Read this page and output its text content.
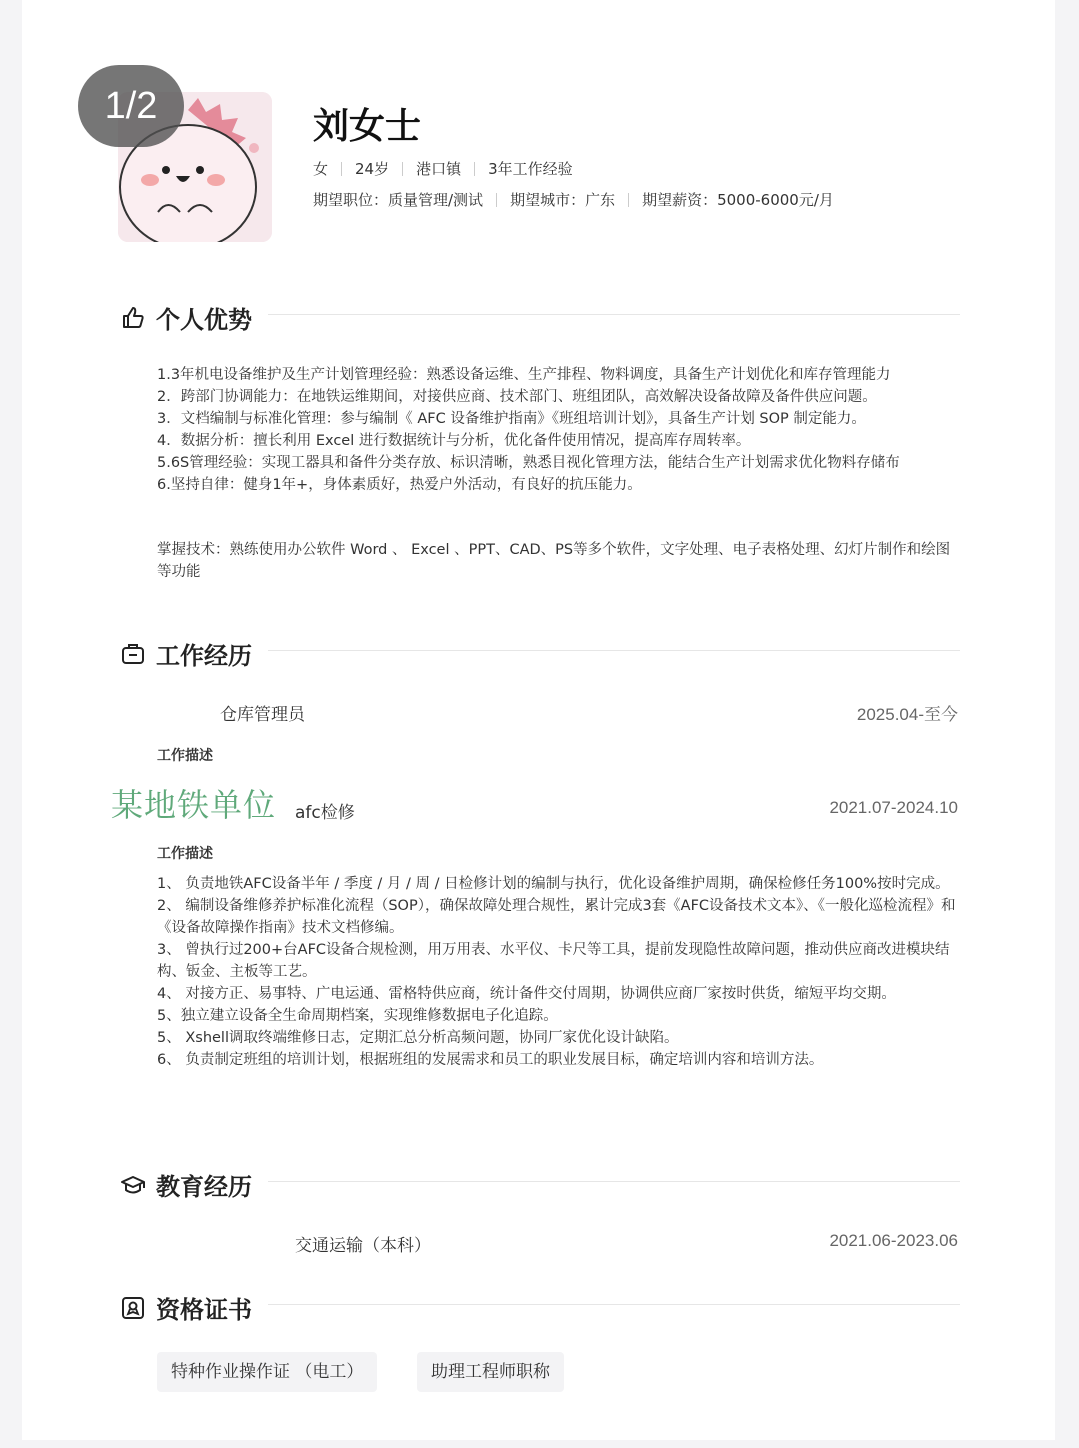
1/2	刘女士
女 24岁 港口镇 3年工作经验
期望职位：质量管理/测试 期望城市：广东 期望薪资：5000-6000元/月
个人优势
1.3年机电设备维护及生产计划管理经验：熟悉设备运维、生产排程、物料调度，具备生产计划优化和库存管理能力
2．跨部门协调能力：在地铁运维期间，对接供应商、技术部门、班组团队，高效解决设备故障及备件供应问题。
3．文档编制与标准化管理：参与编制《 AFC 设备维护指南》《班组培训计划》，具备生产计划 SOP 制定能力。
4．数据分析：擅长利用 Excel 进行数据统计与分析，优化备件使用情况，提高库存周转率。
5.6S管理经验：实现工器具和备件分类存放、标识清晰，熟悉目视化管理方法，能结合生产计划需求优化物料存储布
6.坚持自律：健身1年+，身体素质好，热爱户外活动，有良好的抗压能力。
掌握技术：熟练使用办公软件 Word 、 Excel 、PPT、CAD、PS等多个软件，文字处理、电子表格处理、幻灯片制作和绘图等功能
工作经历
仓库管理员	2025.04-至今
工作描述
某地铁单位 afc检修	2021.07-2024.10
工作描述
1、 负责地铁AFC设备半年 / 季度 / 月 / 周 / 日检修计划的编制与执行，优化设备维护周期，确保检修任务100%按时完成。
2、 编制设备维修养护标准化流程（SOP），确保故障处理合规性，累计完成3套《AFC设备技术文本》、《一般化巡检流程》和《设备故障操作指南》技术文档修编。
3、 曾执行过200+台AFC设备合规检测，用万用表、水平仪、卡尺等工具，提前发现隐性故障问题，推动供应商改进模块结构、钣金、主板等工艺。
4、 对接方正、易事特、广电运通、雷格特供应商，统计备件交付周期，协调供应商厂家按时供货，缩短平均交期。
5、独立建立设备全生命周期档案，实现维修数据电子化追踪。
5、 Xshell调取终端维修日志，定期汇总分析高频问题，协同厂家优化设计缺陷。
6、 负责制定班组的培训计划，根据班组的发展需求和员工的职业发展目标，确定培训内容和培训方法。
教育经历
交通运输（本科）	2021.06-2023.06
资格证书
特种作业操作证 （电工）	助理工程师职称
